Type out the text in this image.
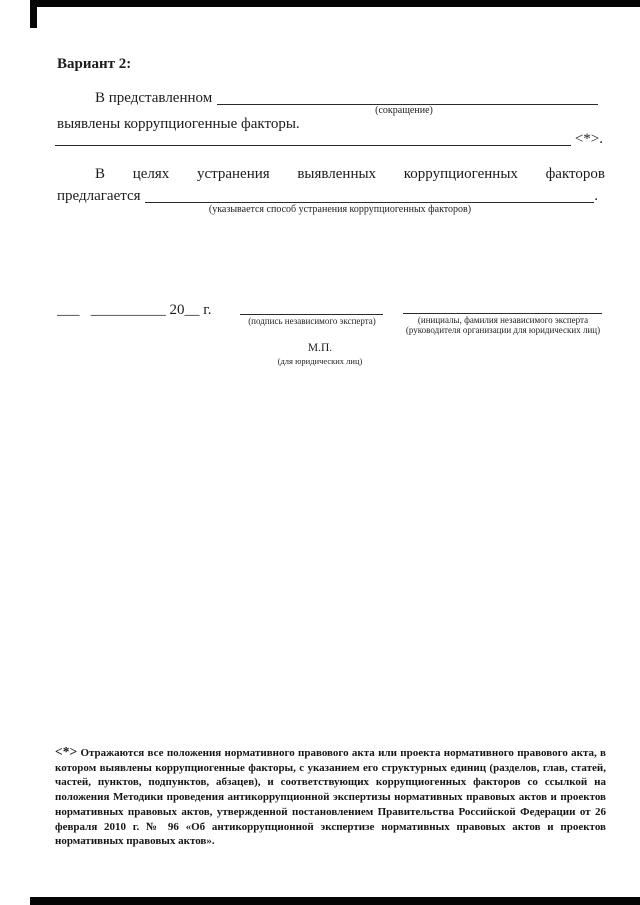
Вариант 2:
В представленном
(сокращение)
выявлены коррупциогенные факторы.
<*>.
В целях устранения выявленных коррупциогенных факторов
предлагается	.
(указывается способ устранения коррупциогенных факторов)
___   __________ 20__ г.
(подпись независимого эксперта)	(инициалы, фамилия независимого эксперта
(руководителя организации для юридических лиц)
М.П.
(для юридических лиц)
<*> Отражаются все положения нормативного правового акта или проекта нормативного правового акта, в котором выявлены коррупциогенные факторы, с указанием его структурных единиц (разделов, глав, статей, частей, пунктов, подпунктов, абзацев), и соответствующих коррупциогенных факторов со ссылкой на положения Методики проведения антикоррупционной экспертизы нормативных правовых актов и проектов нормативных правовых актов, утвержденной постановлением Правительства Российской Федерации от 26 февраля 2010 г. № 96 «Об антикоррупционной экспертизе нормативных правовых актов и проектов нормативных правовых актов».
